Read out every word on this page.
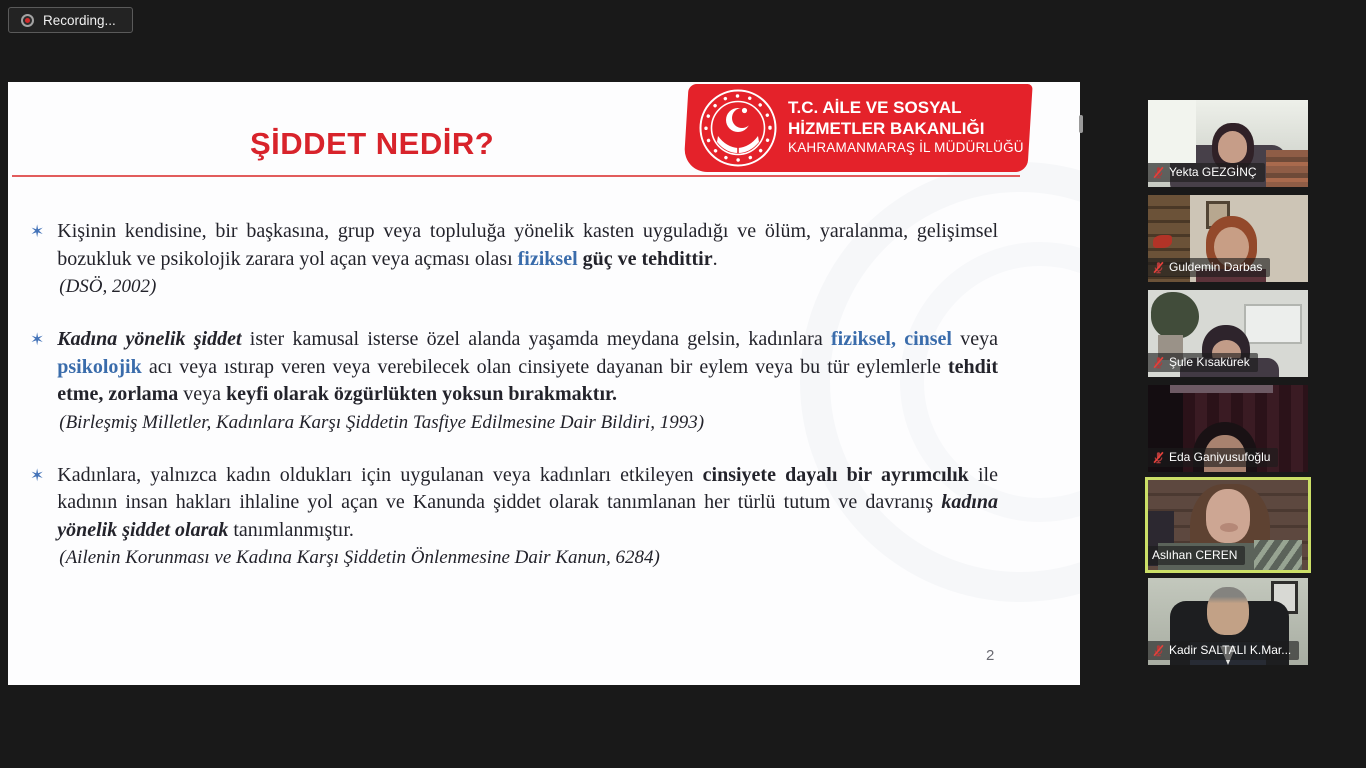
Recording...
ŞİDDET NEDİR?
T.C. AİLE VE SOSYAL
HİZMETLER BAKANLIĞI
KAHRAMANMARAŞ İL MÜDÜRLÜĞÜ
✶ Kişinin kendisine, bir başkasına, grup veya topluluğa yönelik kasten uyguladığı ve ölüm, yaralanma, gelişimsel bozukluk ve psikolojik zarara yol açan veya açması olası fiziksel güç ve tehdittir.
(DSÖ, 2002)
✶ Kadına yönelik şiddet ister kamusal isterse özel alanda yaşamda meydana gelsin, kadınlara fiziksel, cinsel veya psikolojik acı veya ıstırap veren veya verebilecek olan cinsiyete dayanan bir eylem veya bu tür eylemlerle tehdit etme, zorlama veya keyfi olarak özgürlükten yoksun bırakmaktır.
(Birleşmiş Milletler, Kadınlara Karşı Şiddetin Tasfiye Edilmesine Dair Bildiri, 1993)
✶ Kadınlara, yalnızca kadın oldukları için uygulanan veya kadınları etkileyen cinsiyete dayalı bir ayrımcılık ile kadının insan hakları ihlaline yol açan ve Kanunda şiddet olarak tanımlanan her türlü tutum ve davranış kadına yönelik şiddet olarak tanımlanmıştır.
(Ailenin Korunması ve Kadına Karşı Şiddetin Önlenmesine Dair Kanun, 6284)
2
Yekta GEZGİNÇ
Guldemin Darbas
Şule Kısakürek
Eda Ganiyusufoğlu
Aslıhan CEREN
Kadir SALTALI K.Mar...
